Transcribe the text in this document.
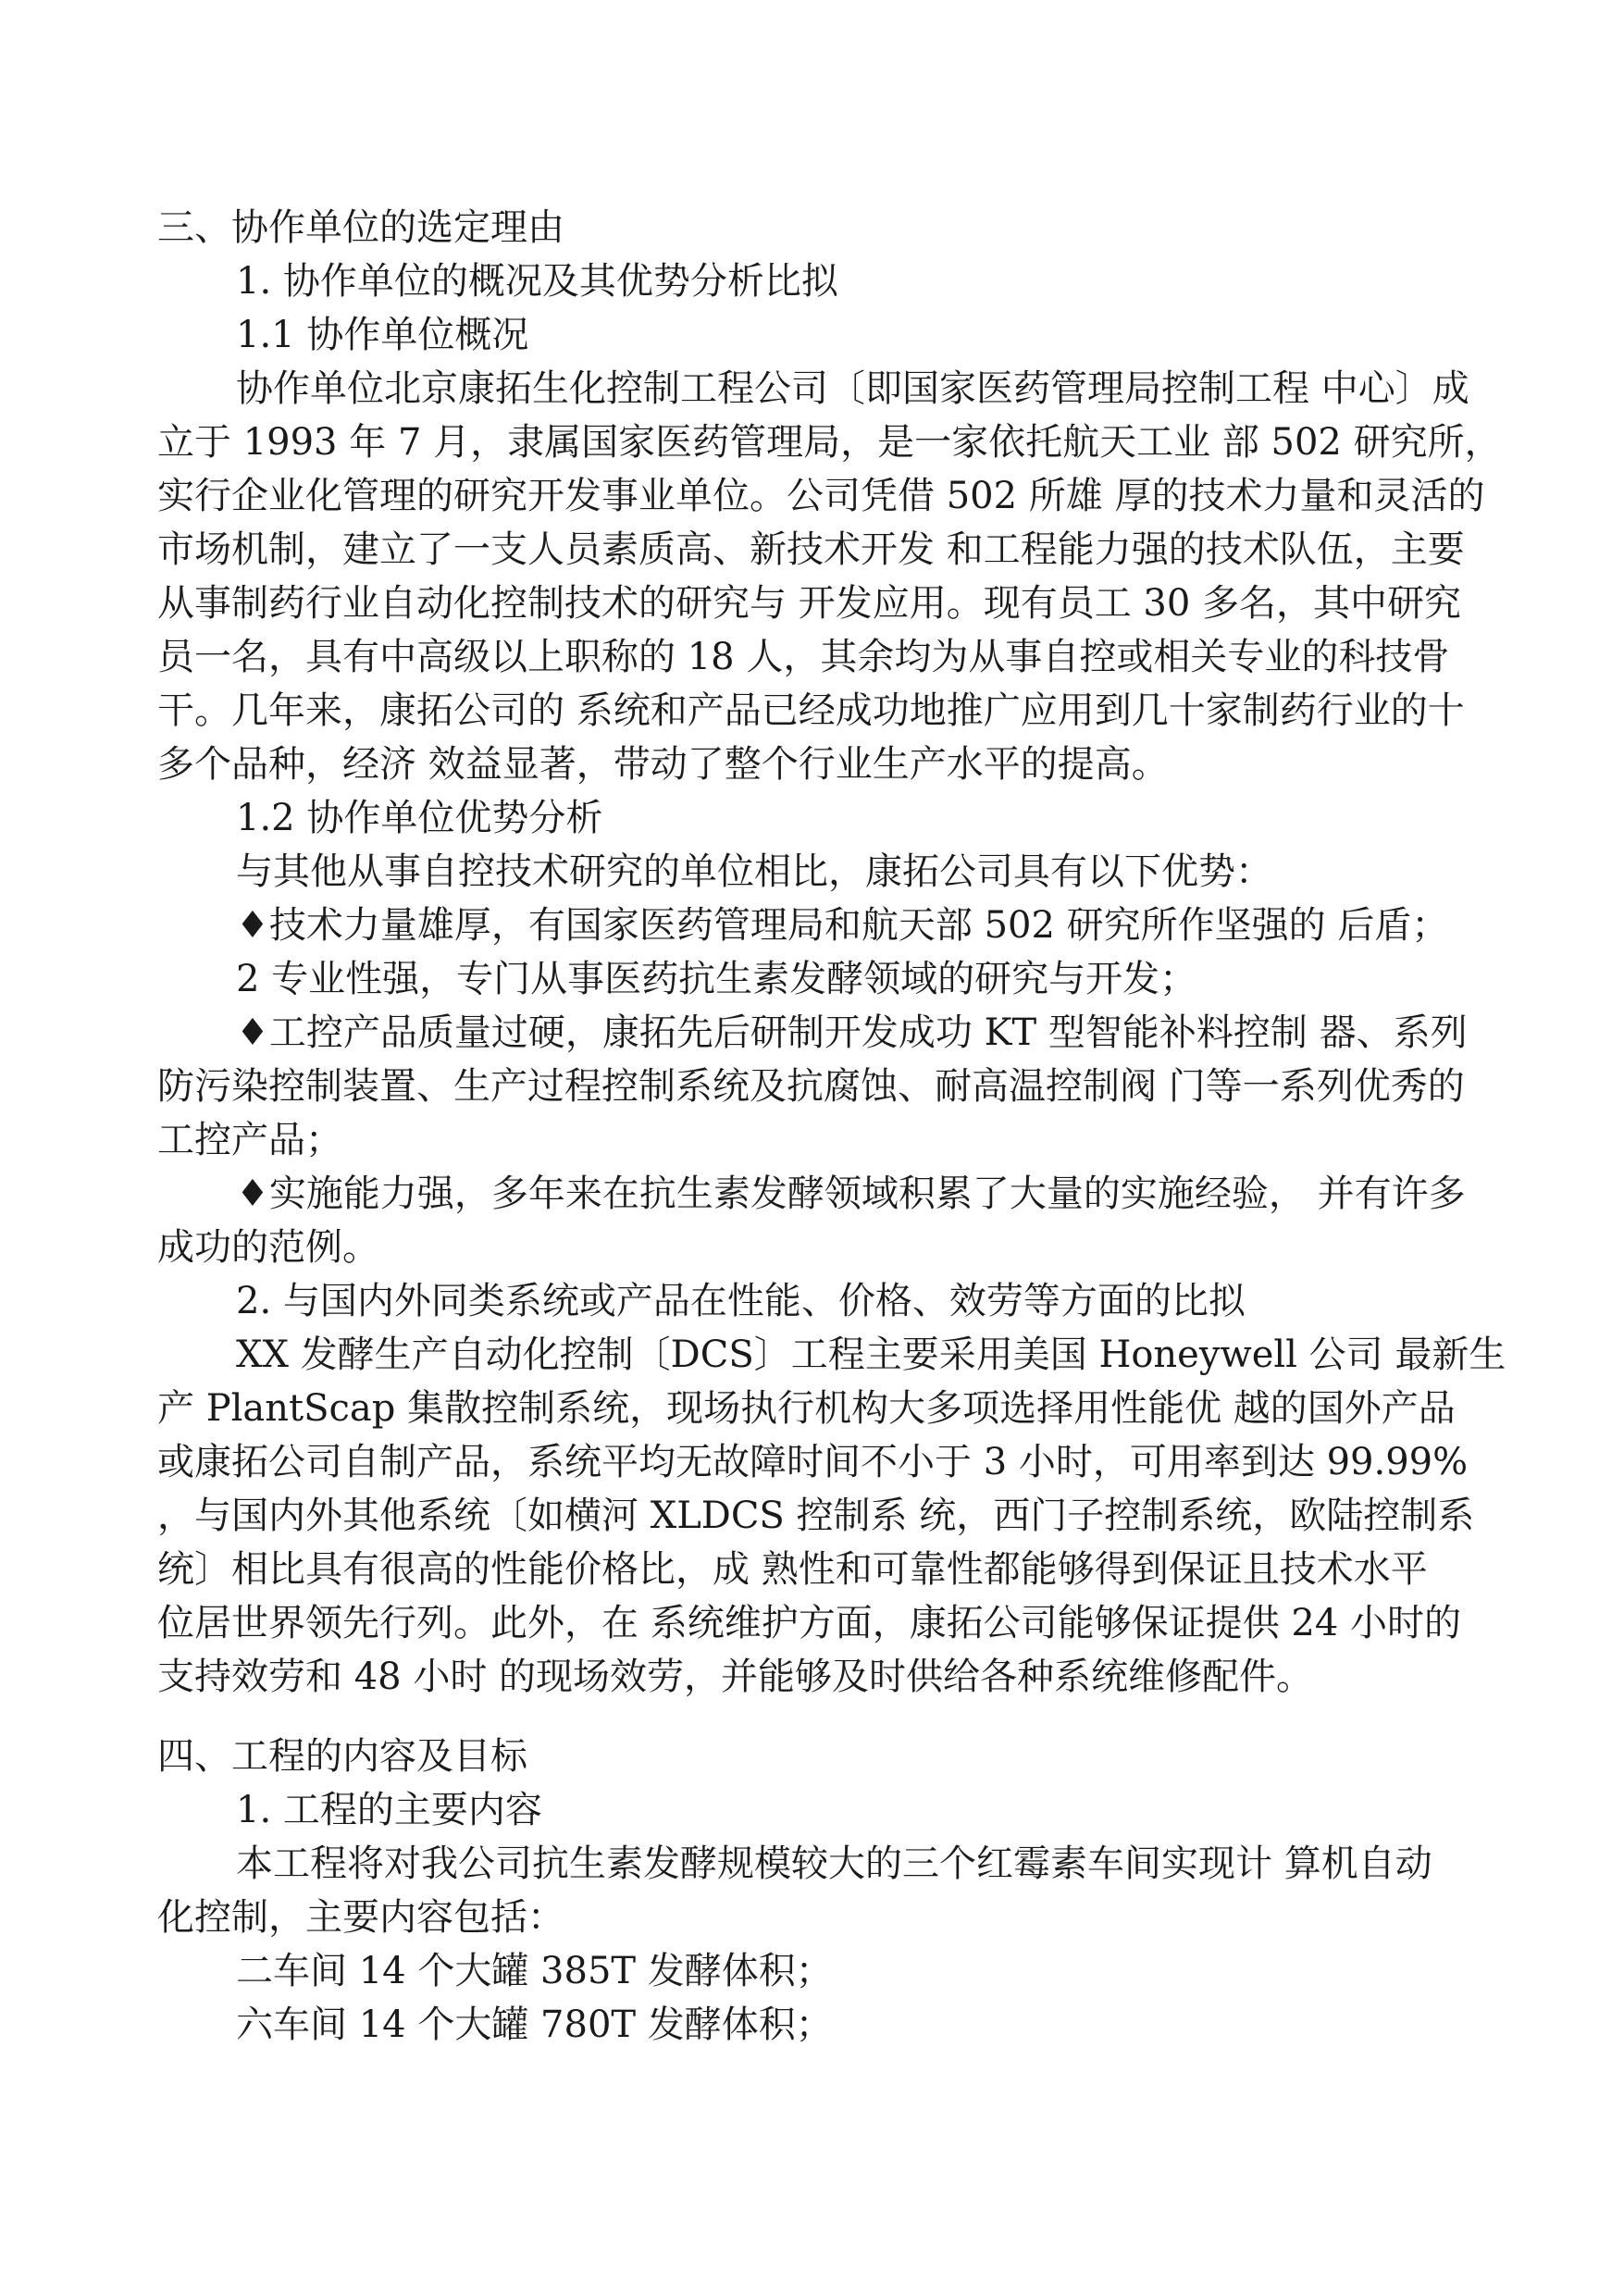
三、协作单位的选定理由

1. 协作单位的概况及其优势分析比拟

1.1 协作单位概况

协作单位北京康拓生化控制工程公司〔即国家医药管理局控制工程 中心〕成

立于 1993 年 7 月，隶属国家医药管理局，是一家依托航天工业 部 502 研究所，

实行企业化管理的研究开发事业单位。公司凭借 502 所雄 厚的技术力量和灵活的

市场机制，建立了一支人员素质高、新技术开发 和工程能力强的技术队伍，主要

从事制药行业自动化控制技术的研究与 开发应用。现有员工 30 多名，其中研究

员一名，具有中高级以上职称的 18 人，其余均为从事自控或相关专业的科技骨

干。几年来，康拓公司的 系统和产品已经成功地推广应用到几十家制药行业的十

多个品种，经济 效益显著，带动了整个行业生产水平的提高。

1.2 协作单位优势分析

与其他从事自控技术研究的单位相比，康拓公司具有以下优势：

♦技术力量雄厚，有国家医药管理局和航天部 502 研究所作坚强的 后盾；

2 专业性强，专门从事医药抗生素发酵领域的研究与开发；

♦工控产品质量过硬，康拓先后研制开发成功 KT 型智能补料控制 器、系列

防污染控制装置、生产过程控制系统及抗腐蚀、耐高温控制阀 门等一系列优秀的

工控产品；

♦实施能力强，多年来在抗生素发酵领域积累了大量的实施经验， 并有许多

成功的范例。

2. 与国内外同类系统或产品在性能、价格、效劳等方面的比拟

XX 发酵生产自动化控制〔DCS〕工程主要采用美国 Honeywell 公司 最新生

产 PlantScap 集散控制系统，现场执行机构大多项选择用性能优 越的国外产品

或康拓公司自制产品，系统平均无故障时间不小于 3 小时，可用率到达 99.99%

，与国内外其他系统〔如横河 XLDCS 控制系 统，西门子控制系统，欧陆控制系

统〕相比具有很高的性能价格比，成 熟性和可靠性都能够得到保证且技术水平

位居世界领先行列。此外，在 系统维护方面，康拓公司能够保证提供 24 小时的

支持效劳和 48 小时 的现场效劳，并能够及时供给各种系统维修配件。

四、工程的内容及目标

1. 工程的主要内容

本工程将对我公司抗生素发酵规模较大的三个红霉素车间实现计 算机自动

化控制，主要内容包括：

二车间 14 个大罐 385T 发酵体积；

六车间 14 个大罐 780T 发酵体积；
